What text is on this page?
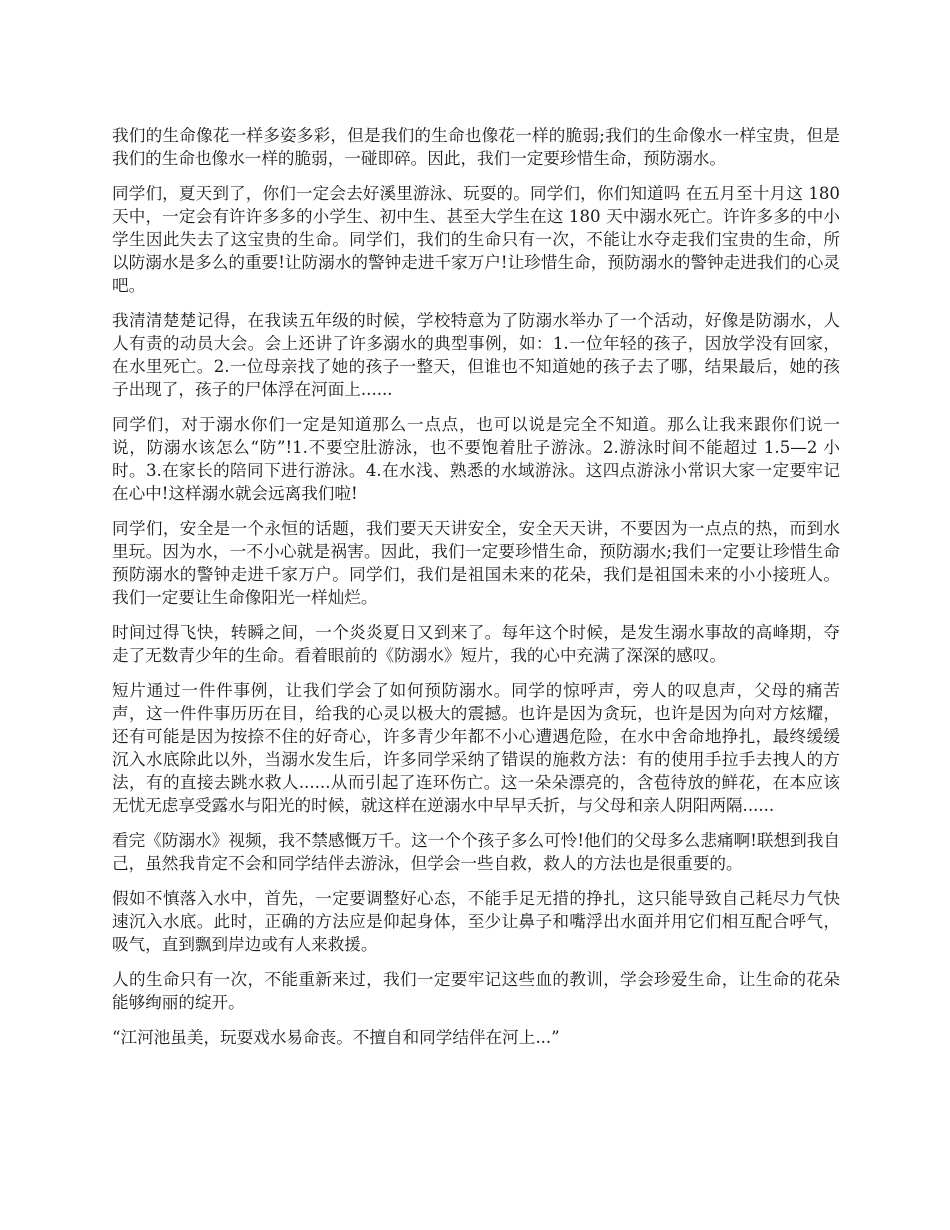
我们的生命像花一样多姿多彩，但是我们的生命也像花一样的脆弱;我们的生命像水一样宝贵，但是我们的生命也像水一样的脆弱，一碰即碎。因此，我们一定要珍惜生命，预防溺水。

同学们，夏天到了，你们一定会去好溪里游泳、玩耍的。同学们，你们知道吗 在五月至十月这 180 天中，一定会有许许多多的小学生、初中生、甚至大学生在这 180 天中溺水死亡。许许多多的中小学生因此失去了这宝贵的生命。同学们，我们的生命只有一次，不能让水夺走我们宝贵的生命，所以防溺水是多么的重要!让防溺水的警钟走进千家万户!让珍惜生命，预防溺水的警钟走进我们的心灵吧。

我清清楚楚记得，在我读五年级的时候，学校特意为了防溺水举办了一个活动，好像是防溺水，人人有责的动员大会。会上还讲了许多溺水的典型事例，如：1.一位年轻的孩子，因放学没有回家，在水里死亡。2.一位母亲找了她的孩子一整天，但谁也不知道她的孩子去了哪，结果最后，她的孩子出现了，孩子的尸体浮在河面上......

同学们，对于溺水你们一定是知道那么一点点，也可以说是完全不知道。那么让我来跟你们说一说，防溺水该怎么“防”!1.不要空肚游泳，也不要饱着肚子游泳。2.游泳时间不能超过 1.5—2 小时。3.在家长的陪同下进行游泳。4.在水浅、熟悉的水域游泳。这四点游泳小常识大家一定要牢记在心中!这样溺水就会远离我们啦!

同学们，安全是一个永恒的话题，我们要天天讲安全，安全天天讲，不要因为一点点的热，而到水里玩。因为水，一不小心就是祸害。因此，我们一定要珍惜生命，预防溺水;我们一定要让珍惜生命预防溺水的警钟走进千家万户。同学们，我们是祖国未来的花朵，我们是祖国未来的小小接班人。我们一定要让生命像阳光一样灿烂。

时间过得飞快，转瞬之间，一个炎炎夏日又到来了。每年这个时候，是发生溺水事故的高峰期，夺走了无数青少年的生命。看着眼前的《防溺水》短片，我的心中充满了深深的感叹。

短片通过一件件事例，让我们学会了如何预防溺水。同学的惊呼声，旁人的叹息声，父母的痛苦声，这一件件事历历在目，给我的心灵以极大的震撼。也许是因为贪玩，也许是因为向对方炫耀，还有可能是因为按捺不住的好奇心，许多青少年都不小心遭遇危险，在水中舍命地挣扎，最终缓缓沉入水底除此以外，当溺水发生后，许多同学采纳了错误的施救方法：有的使用手拉手去拽人的方法，有的直接去跳水救人......从而引起了连环伤亡。这一朵朵漂亮的，含苞待放的鲜花，在本应该无忧无虑享受露水与阳光的时候，就这样在逆溺水中早早夭折，与父母和亲人阴阳两隔......

看完《防溺水》视频，我不禁感慨万千。这一个个孩子多么可怜!他们的父母多么悲痛啊!联想到我自己，虽然我肯定不会和同学结伴去游泳，但学会一些自救，救人的方法也是很重要的。

假如不慎落入水中，首先，一定要调整好心态，不能手足无措的挣扎，这只能导致自己耗尽力气快速沉入水底。此时，正确的方法应是仰起身体，至少让鼻子和嘴浮出水面并用它们相互配合呼气，吸气，直到飘到岸边或有人来救援。

人的生命只有一次，不能重新来过，我们一定要牢记这些血的教训，学会珍爱生命，让生命的花朵能够绚丽的绽开。

“江河池虽美，玩耍戏水易命丧。不擅自和同学结伴在河上...”
